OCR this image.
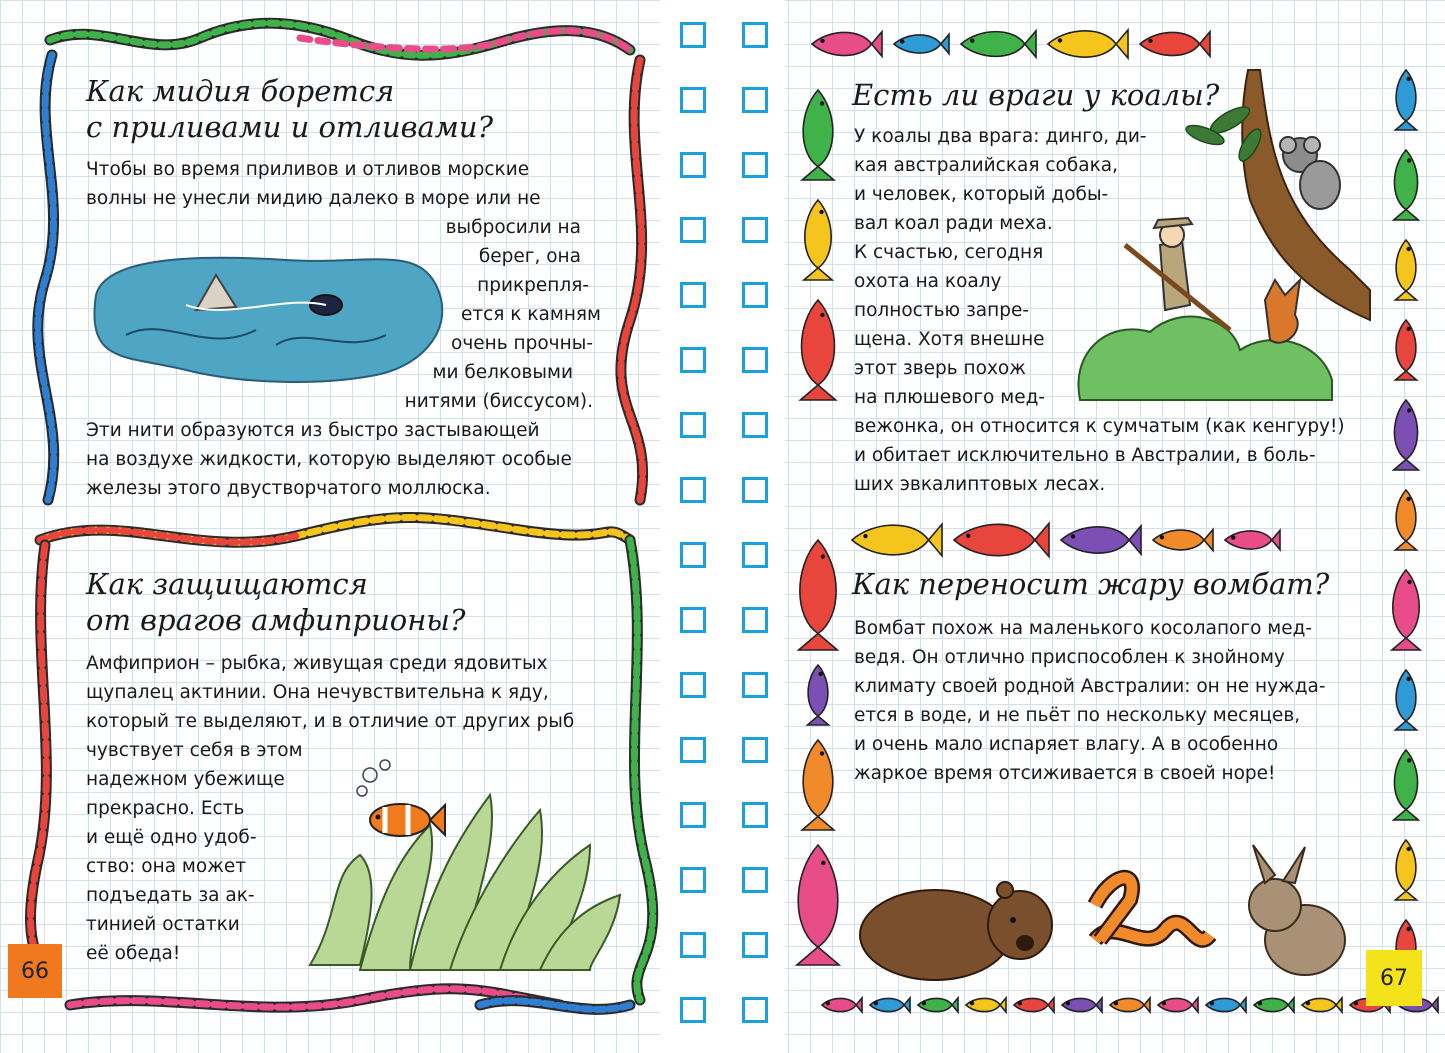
Как мидия борется
с приливами и отливами?
Чтобы во время приливов и отливов морские
волны не унесли мидию далеко в море или не
выбросили на
берег, она
прикрепля-
ется к камням
очень прочны-
ми белковыми
нитями (биссусом).
Эти нити образуются из быстро застывающей
на воздухе жидкости, которую выделяют особые
железы этого двустворчатого моллюска.
Как защищаются
от врагов амфиприоны?
Амфиприон – рыбка, живущая среди ядовитых
щупалец актинии. Она нечувствительна к яду,
который те выделяют, и в отличие от других рыб
чувствует себя в этом
надежном убежище
прекрасно. Есть
и ещё одно удоб-
ство: она может
подъедать за ак-
тинией остатки
её обеда!
66
Есть ли враги у коалы?
У коалы два врага: динго, ди-
кая австралийская собака,
и человек, который добы-
вал коал ради меха.
К счастью, сегодня
охота на коалу
полностью запре-
щена. Хотя внешне
этот зверь похож
на плюшевого мед-
вежонка, он относится к сумчатым (как кенгуру!)
и обитает исключительно в Австралии, в боль-
ших эвкалиптовых лесах.
Как переносит жару вомбат?
Вомбат похож на маленького косолапого мед-
ведя. Он отлично приспособлен к знойному
климату своей родной Австралии: он не нужда-
ется в воде, и не пьёт по нескольку месяцев,
и очень мало испаряет влагу. А в особенно
жаркое время отсиживается в своей норе!
67
